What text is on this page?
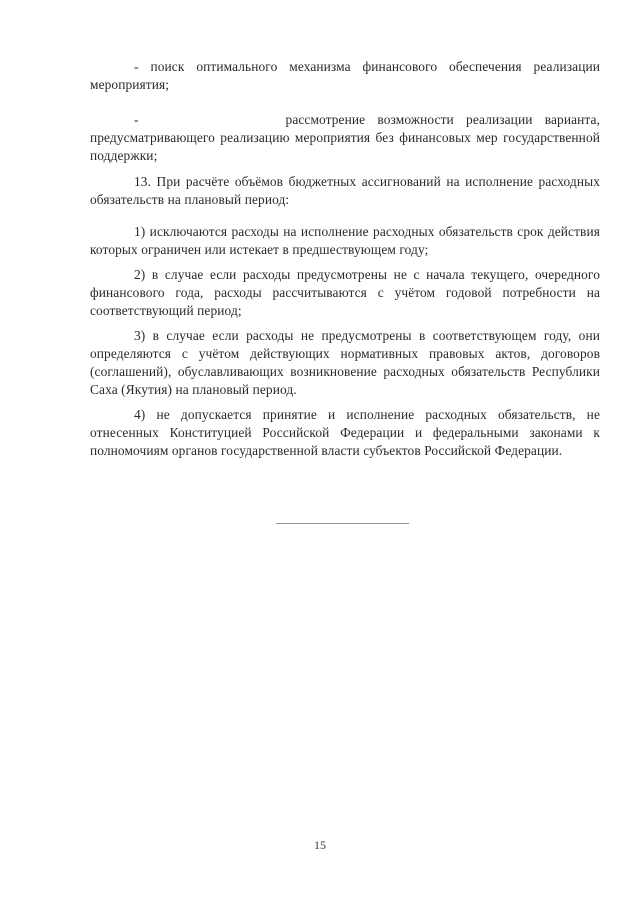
- поиск оптимального механизма финансового обеспечения реализации мероприятия;

-	рассмотрение возможности реализации варианта,

предусматривающего реализацию мероприятия без финансовых мер государственной поддержки;

13. При расчёте объёмов бюджетных ассигнований на исполнение расходных обязательств на плановый период:

1) исключаются расходы на исполнение расходных обязательств срок действия которых ограничен или истекает в предшествующем году;

2) в случае если расходы предусмотрены не с начала текущего, очередного финансового года, расходы рассчитываются с учётом годовой потребности на соответствующий период;

3) в случае если расходы не предусмотрены в соответствующем году, они определяются с учётом действующих нормативных правовых актов, договоров (соглашений), обуславливающих возникновение расходных обязательств Республики Саха (Якутия) на плановый период.

4) не допускается принятие и исполнение расходных обязательств, не отнесенных Конституцией Российской Федерации и федеральными законами к полномочиям органов государственной власти субъектов Российской Федерации.

15
